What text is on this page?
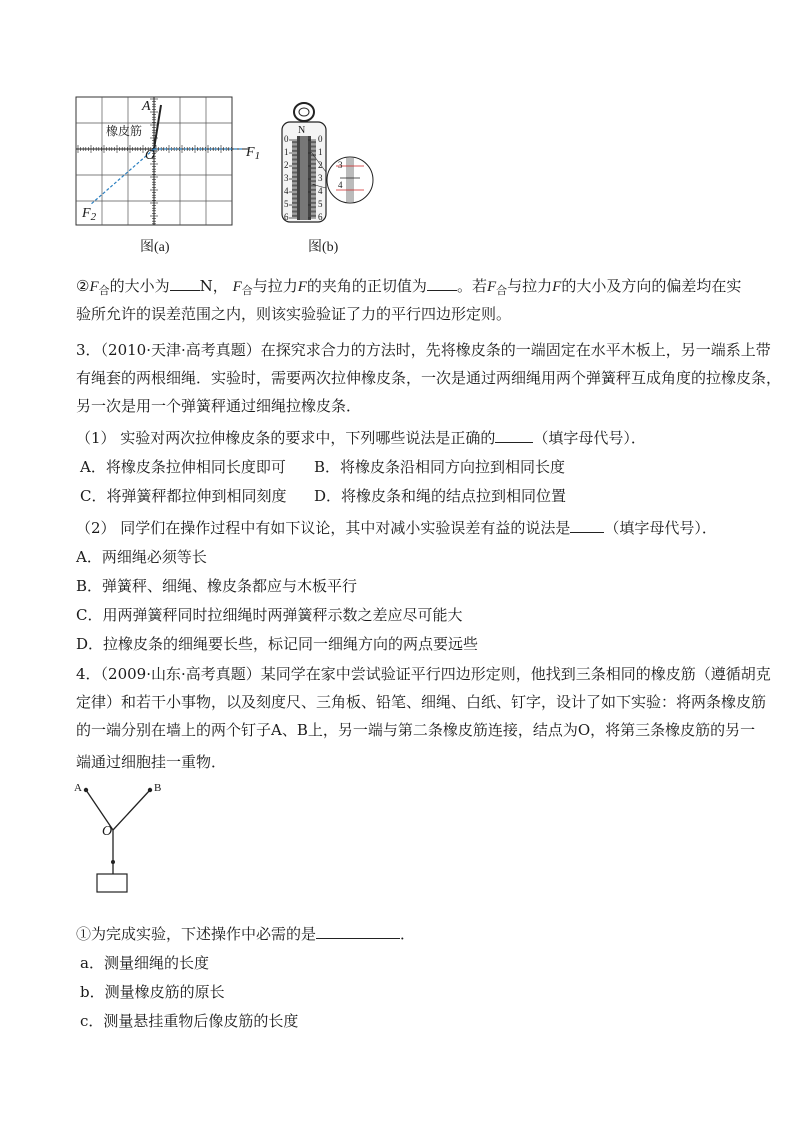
A
橡皮筋
O	$F_1$
$F_2$
图(a)
N
3
4
0
1
2
3
4
5
6
0
1
2
3
4
5
6
图(b)
$②F_合$的大小为 N， $F_合$与拉力F的夹角的正切值为 。若$F_合$与拉力F的大小及方向的偏差均在实
验所允许的误差范围之内，则该实验验证了力的平行四边形定则。
3．（2010·天津·高考真题）在探究求合力的方法时，先将橡皮条的一端固定在水平木板上，另一端系上带
有绳套的两根细绳．实验时，需要两次拉伸橡皮条，一次是通过两细绳用两个弹簧秤互成角度的拉橡皮条，
另一次是用一个弹簧秤通过细绳拉橡皮条．
（1） 实验对两次拉伸橡皮条的要求中，下列哪些说法是正确的	（填字母代号）．
A．将橡皮条拉伸相同长度即可	B．将橡皮条沿相同方向拉到相同长度
C．将弹簧秤都拉伸到相同刻度	D．将橡皮条和绳的结点拉到相同位置
（2） 同学们在操作过程中有如下议论，其中对减小实验误差有益的说法是 （填字母代号）．
A．两细绳必须等长
B．弹簧秤、细绳、橡皮条都应与木板平行
C．用两弹簧秤同时拉细绳时两弹簧秤示数之差应尽可能大
D．拉橡皮条的细绳要长些，标记同一细绳方向的两点要远些
4．（2009·山东·高考真题）某同学在家中尝试验证平行四边形定则，他找到三条相同的橡皮筋（遵循胡克
定律）和若干小事物，以及刻度尺、三角板、铅笔、细绳、白纸、钉字，设计了如下实验：将两条橡皮筋
的一端分别在墙上的两个钉子A、B上，另一端与第二条橡皮筋连接，结点为O，将第三条橡皮筋的另一
端通过细胞挂一重物．
A	B
O
①为完成实验，下述操作中必需的是	．
a．测量细绳的长度
b．测量橡皮筋的原长
c．测量悬挂重物后像皮筋的长度
